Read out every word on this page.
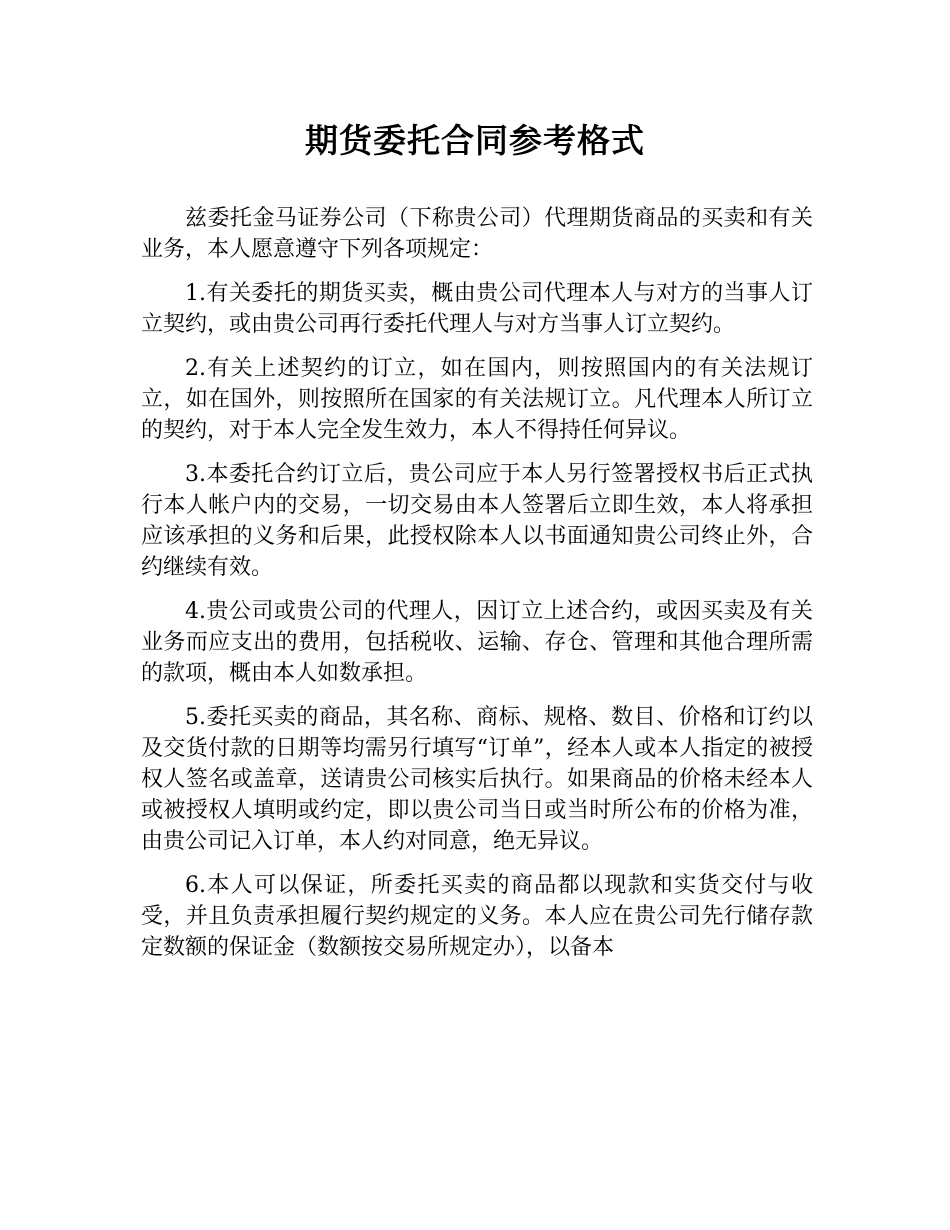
期货委托合同参考格式

兹委托金马证券公司（下称贵公司）代理期货商品的买卖和有关业务，本人愿意遵守下列各项规定：

1.有关委托的期货买卖，概由贵公司代理本人与对方的当事人订立契约，或由贵公司再行委托代理人与对方当事人订立契约。

2.有关上述契约的订立，如在国内，则按照国内的有关法规订立，如在国外，则按照所在国家的有关法规订立。凡代理本人所订立的契约，对于本人完全发生效力，本人不得持任何异议。

3.本委托合约订立后，贵公司应于本人另行签署授权书后正式执行本人帐户内的交易，一切交易由本人签署后立即生效，本人将承担应该承担的义务和后果，此授权除本人以书面通知贵公司终止外，合约继续有效。

4.贵公司或贵公司的代理人，因订立上述合约，或因买卖及有关业务而应支出的费用，包括税收、运输、存仓、管理和其他合理所需的款项，概由本人如数承担。

5.委托买卖的商品，其名称、商标、规格、数目、价格和订约以及交货付款的日期等均需另行填写“订单”，经本人或本人指定的被授权人签名或盖章，送请贵公司核实后执行。如果商品的价格未经本人或被授权人填明或约定，即以贵公司当日或当时所公布的价格为准，由贵公司记入订单，本人约对同意，绝无异议。

6.本人可以保证，所委托买卖的商品都以现款和实货交付与收受，并且负责承担履行契约规定的义务。本人应在贵公司先行储存款定数额的保证金（数额按交易所规定办），以备本
